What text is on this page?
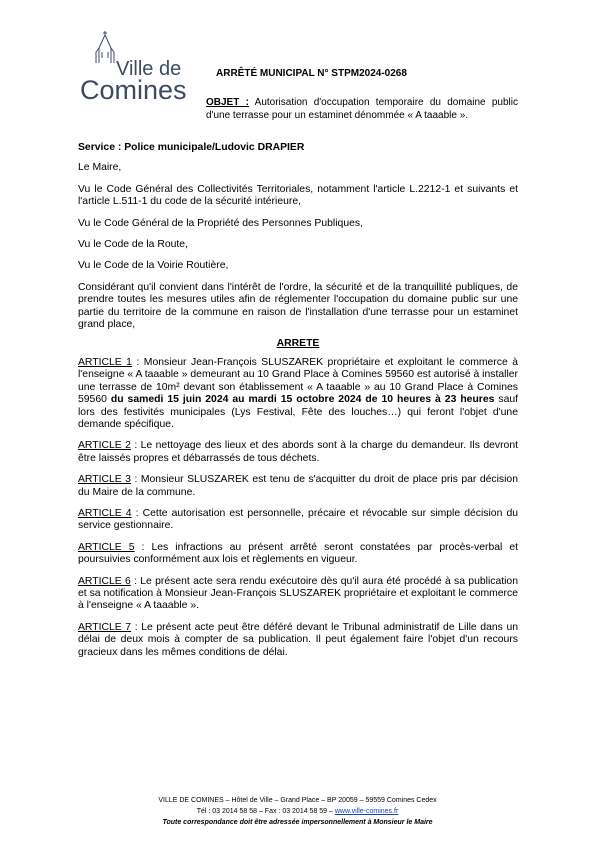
Ville de
Comines
ARRÊTÉ MUNICIPAL N° STPM2024-0268
OBJET : Autorisation d'occupation temporaire du domaine public d'une terrasse pour un estaminet dénommée « A taaable ».

Service : Police municipale/Ludovic DRAPIER

Le Maire,

Vu le Code Général des Collectivités Territoriales, notamment l'article L.2212-1 et suivants et l'article L.511-1 du code de la sécurité intérieure,

Vu le Code Général de la Propriété des Personnes Publiques,

Vu le Code de la Route,

Vu le Code de la Voirie Routière,

Considérant qu'il convient dans l'intérêt de l'ordre, la sécurité et de la tranquillité publiques, de prendre toutes les mesures utiles afin de réglementer l'occupation du domaine public sur une partie du territoire de la commune en raison de l'installation d'une terrasse pour un estaminet grand place,

ARRETE

ARTICLE 1 : Monsieur Jean-François SLUSZAREK propriétaire et exploitant le commerce à l'enseigne « A taaable » demeurant au 10 Grand Place à Comines 59560 est autorisé à installer une terrasse de 10m² devant son établissement « A taaable » au 10 Grand Place à Comines 59560 du samedi 15 juin 2024 au mardi 15 octobre 2024 de 10 heures à 23 heures sauf lors des festivités municipales (Lys Festival, Fête des louches…) qui feront l'objet d'une demande spécifique.

ARTICLE 2 : Le nettoyage des lieux et des abords sont à la charge du demandeur. Ils devront être laissés propres et débarrassés de tous déchets.

ARTICLE 3 : Monsieur SLUSZAREK est tenu de s'acquitter du droit de place pris par décision du Maire de la commune.

ARTICLE 4 : Cette autorisation est personnelle, précaire et révocable sur simple décision du service gestionnaire.

ARTICLE 5 : Les infractions au présent arrêté seront constatées par procès-verbal et poursuivies conformément aux lois et règlements en vigueur.

ARTICLE 6 : Le présent acte sera rendu exécutoire dès qu'il aura été procédé à sa publication et sa notification à Monsieur Jean-François SLUSZAREK propriétaire et exploitant le commerce à l'enseigne « A taaable ».

ARTICLE 7 : Le présent acte peut être déféré devant le Tribunal administratif de Lille dans un délai de deux mois à compter de sa publication. Il peut également faire l'objet d'un recours gracieux dans les mêmes conditions de délai.

VILLE DE COMINES – Hôtel de Ville – Grand Place – BP 20059 – 59559 Comines Cedex
Tél : 03 2014 58 58 – Fax : 03 2014 58 59 – www.ville-comines.fr
Toute correspondance doit être adressée impersonnellement à Monsieur le Maire
